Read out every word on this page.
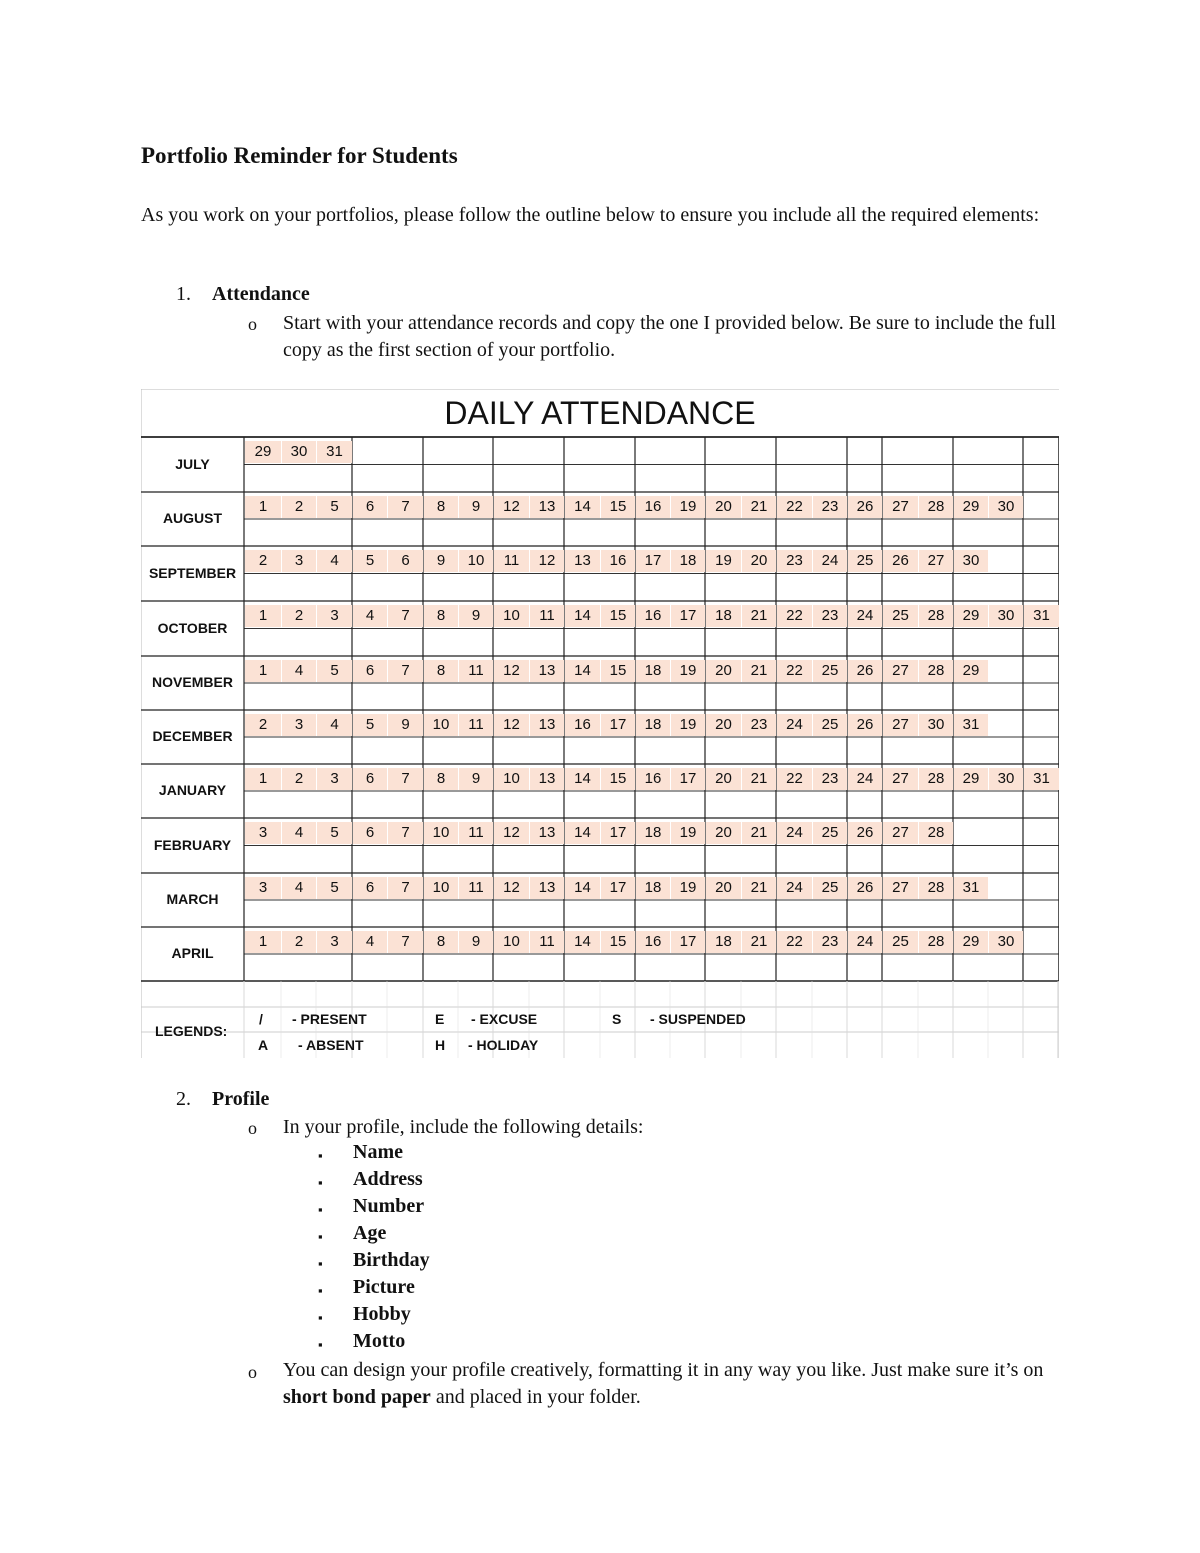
Portfolio Reminder for Students
As you work on your portfolios, please follow the outline below to ensure you include all the required elements:
1. Attendance
o Start with your attendance records and copy the one I provided below. Be sure to include the full copy as the first section of your portfolio.
DAILY ATTENDANCE
JULY
29	30	31
AUGUST
1	2	5	6	7	8	9	12	13	14	15	16	19	20	21	22	23	26	27	28	29	30
SEPTEMBER
2	3	4	5	6	9	10	11	12	13	16	17	18	19	20	23	24	25	26	27	30
OCTOBER
1	2	3	4	7	8	9	10	11	14	15	16	17	18	21	22	23	24	25	28	29	30	31
NOVEMBER
1	4	5	6	7	8	11	12	13	14	15	18	19	20	21	22	25	26	27	28	29
DECEMBER
2	3	4	5	9	10	11	12	13	16	17	18	19	20	23	24	25	26	27	30	31
JANUARY
1	2	3	6	7	8	9	10	13	14	15	16	17	20	21	22	23	24	27	28	29	30	31
FEBRUARY
3	4	5	6	7	10	11	12	13	14	17	18	19	20	21	24	25	26	27	28
MARCH
3	4	5	6	7	10	11	12	13	14	17	18	19	20	21	24	25	26	27	28	31
APRIL
1	2	3	4	7	8	9	10	11	14	15	16	17	18	21	22	23	24	25	28	29	30
LEGENDS:
/ - PRESENT	E - EXCUSE	S - SUSPENDED
A - ABSENT	H - HOLIDAY
2. Profile
o In your profile, include the following details:
▪ Name
▪ Address
▪ Number
▪ Age
▪ Birthday
▪ Picture
▪ Hobby
▪ Motto
o You can design your profile creatively, formatting it in any way you like. Just make sure it’s on short bond paper and placed in your folder.
